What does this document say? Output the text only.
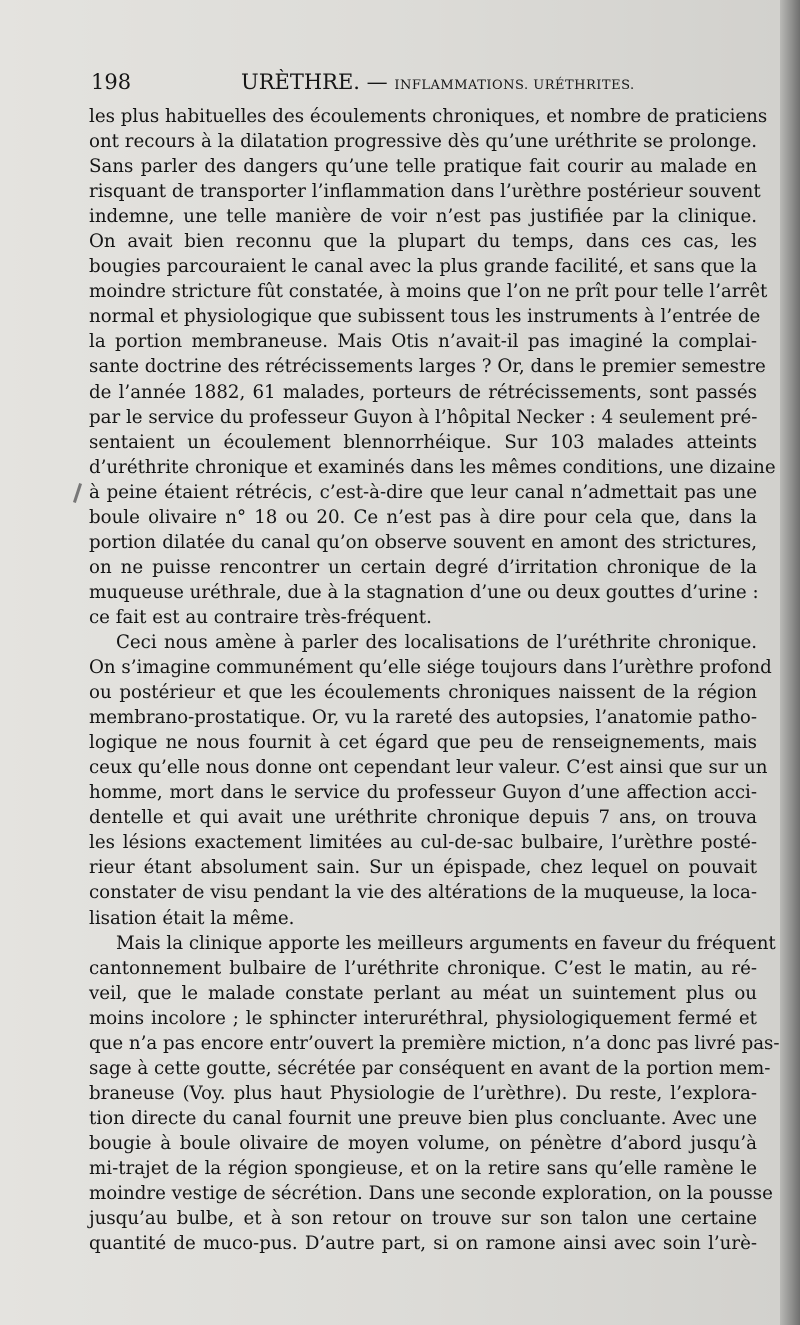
198	URÈTHRE. — INFLAMMATIONS. URÉTHRITES.
les plus habituelles des écoulements chroniques, et nombre de praticiens
ont recours à la dilatation progressive dès qu’une uréthrite se prolonge.
Sans parler des dangers qu’une telle pratique fait courir au malade en
risquant de transporter l’inflammation dans l’urèthre postérieur souvent
indemne, une telle manière de voir n’est pas justifiée par la clinique.
On avait bien reconnu que la plupart du temps, dans ces cas, les
bougies parcouraient le canal avec la plus grande facilité, et sans que la
moindre stricture fût constatée, à moins que l’on ne prît pour telle l’arrêt
normal et physiologique que subissent tous les instruments à l’entrée de
la portion membraneuse. Mais Otis n’avait-il pas imaginé la complai-
sante doctrine des rétrécissements larges ? Or, dans le premier semestre
de l’année 1882, 61 malades, porteurs de rétrécissements, sont passés
par le service du professeur Guyon à l’hôpital Necker : 4 seulement pré-
sentaient un écoulement blennorrhéique. Sur 103 malades atteints
d’uréthrite chronique et examinés dans les mêmes conditions, une dizaine
à peine étaient rétrécis, c’est-à-dire que leur canal n’admettait pas une
boule olivaire n° 18 ou 20. Ce n’est pas à dire pour cela que, dans la
portion dilatée du canal qu’on observe souvent en amont des strictures,
on ne puisse rencontrer un certain degré d’irritation chronique de la
muqueuse uréthrale, due à la stagnation d’une ou deux gouttes d’urine :
ce fait est au contraire très-fréquent.
Ceci nous amène à parler des localisations de l’uréthrite chronique.
On s’imagine communément qu’elle siége toujours dans l’urèthre profond
ou postérieur et que les écoulements chroniques naissent de la région
membrano-prostatique. Or, vu la rareté des autopsies, l’anatomie patho-
logique ne nous fournit à cet égard que peu de renseignements, mais
ceux qu’elle nous donne ont cependant leur valeur. C’est ainsi que sur un
homme, mort dans le service du professeur Guyon d’une affection acci-
dentelle et qui avait une uréthrite chronique depuis 7 ans, on trouva
les lésions exactement limitées au cul-de-sac bulbaire, l’urèthre posté-
rieur étant absolument sain. Sur un épispade, chez lequel on pouvait
constater de visu pendant la vie des altérations de la muqueuse, la loca-
lisation était la même.
Mais la clinique apporte les meilleurs arguments en faveur du fréquent
cantonnement bulbaire de l’uréthrite chronique. C’est le matin, au ré-
veil, que le malade constate perlant au méat un suintement plus ou
moins incolore ; le sphincter interuréthral, physiologiquement fermé et
que n’a pas encore entr’ouvert la première miction, n’a donc pas livré pas-
sage à cette goutte, sécrétée par conséquent en avant de la portion mem-
braneuse (Voy. plus haut Physiologie de l’urèthre). Du reste, l’explora-
tion directe du canal fournit une preuve bien plus concluante. Avec une
bougie à boule olivaire de moyen volume, on pénètre d’abord jusqu’à
mi-trajet de la région spongieuse, et on la retire sans qu’elle ramène le
moindre vestige de sécrétion. Dans une seconde exploration, on la pousse
jusqu’au bulbe, et à son retour on trouve sur son talon une certaine
quantité de muco-pus. D’autre part, si on ramone ainsi avec soin l’urè-
